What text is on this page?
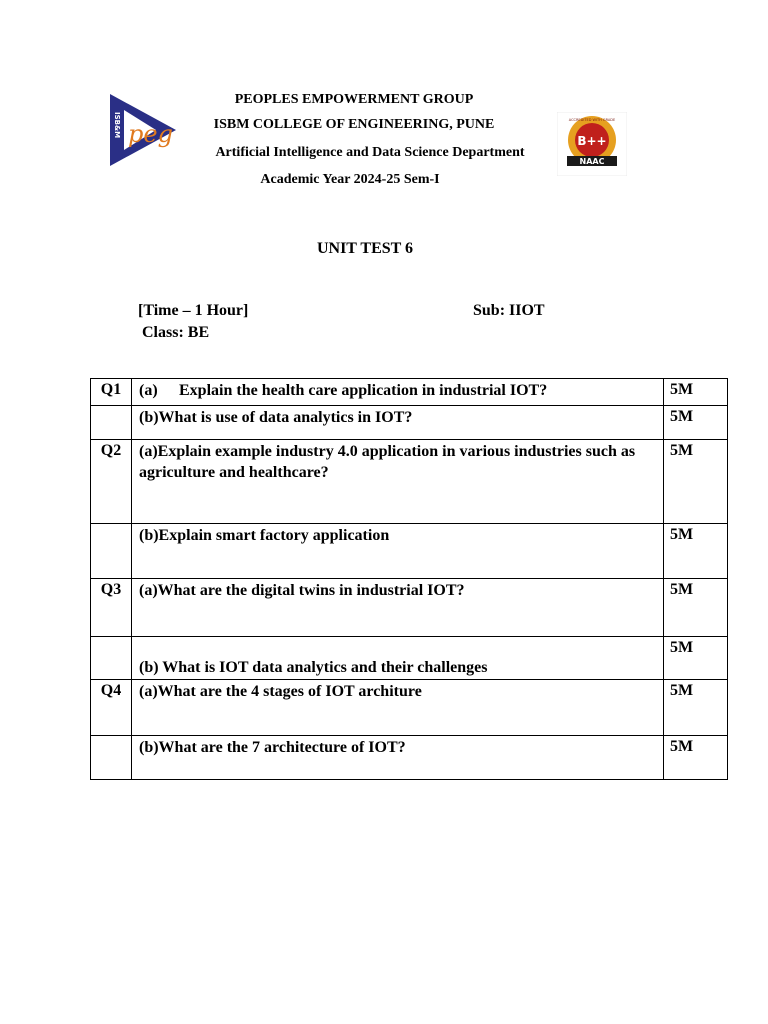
ISB&M peg	ACCREDITED WITH GRADE
B++
NAAC
PEOPLES EMPOWERMENT GROUP
ISBM COLLEGE OF ENGINEERING, PUNE
Artificial Intelligence and Data Science Department
Academic Year 2024-25 Sem-I
UNIT TEST 6
[Time – 1 Hour]	Sub: IIOT
Class: BE
Q1	(a) Explain the health care application in industrial IOT?	5M
	(b)What is use of data analytics in IOT?	5M
Q2	(a)Explain example industry 4.0 application in various industries such as agriculture and healthcare?	5M
	(b)Explain smart factory application	5M
Q3	(a)What are the digital twins in industrial IOT?	5M
	(b) What is IOT data analytics and their challenges	5M
Q4	(a)What are the 4 stages of IOT architure	5M
	(b)What are the 7 architecture of IOT?	5M
